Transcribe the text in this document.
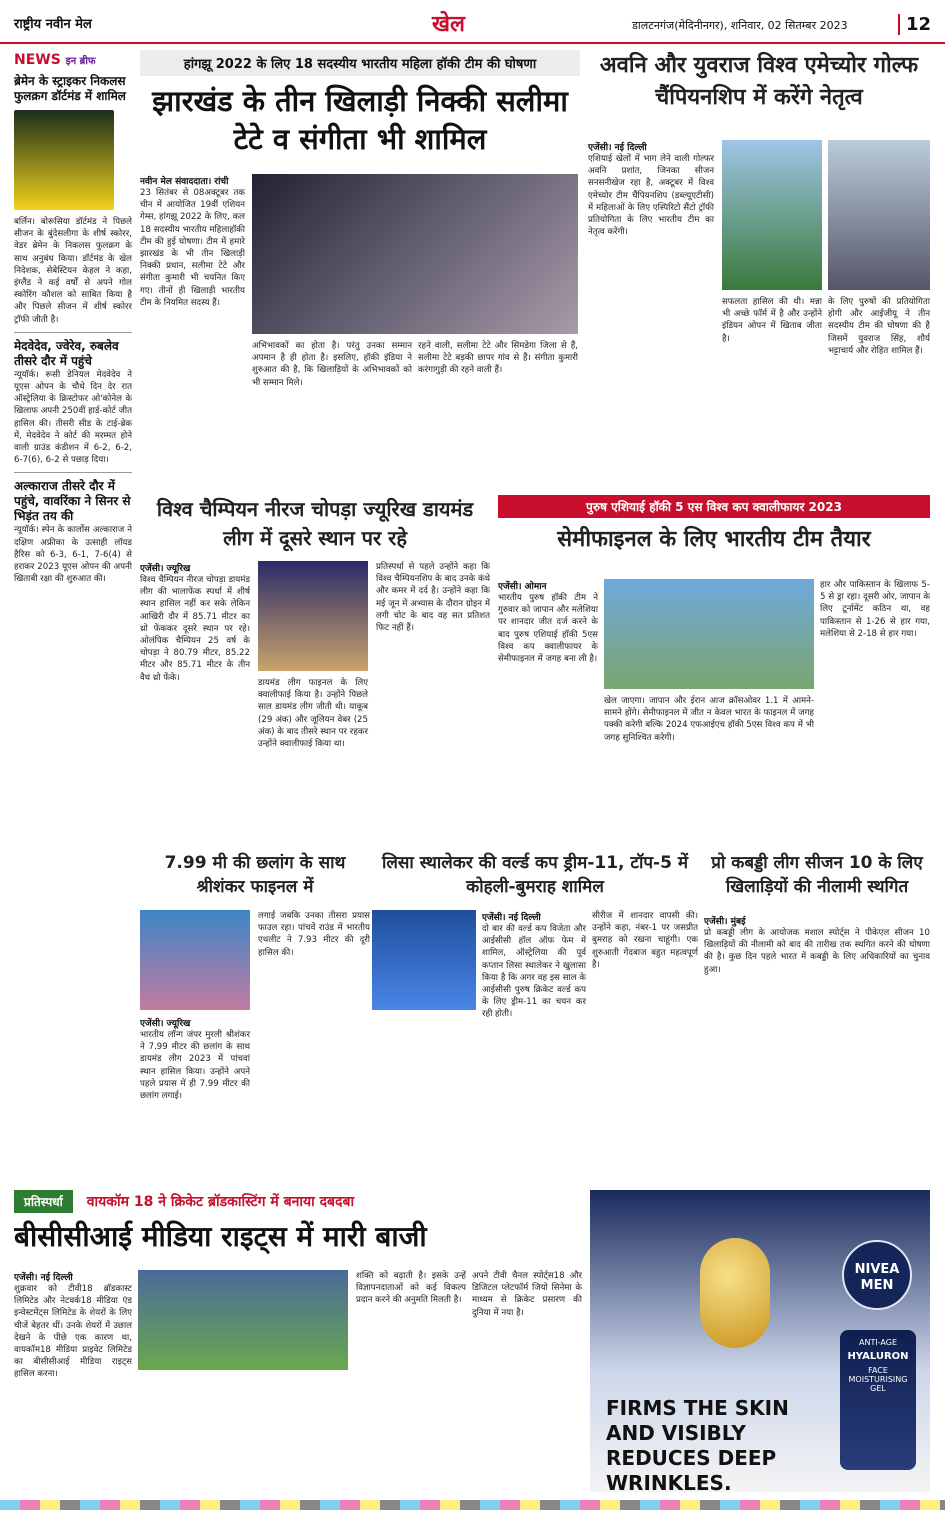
राष्ट्रीय नवीन मेल	खेल	डालटनगंज(मेदिनीनगर), शनिवार, 02 सितम्बर 2023	12
NEWS इन ब्रीफ
ब्रेमेन के स्ट्राइकर निकलस फुलक्रग डॉर्टमंड में शामिल

बर्लिन। बोरूसिया डॉर्टमंड ने पिछले सीजन के बुंदेसलीगा के शीर्ष स्कोरर, वेडर ब्रेमेन के निकलस फुलक्रग के साथ अनुबंध किया। डॉर्टमंड के खेल निदेशक, सेबेस्टियन केहल ने कहा, इंग्लैंड ने कई वर्षों से अपने गोल स्कोरिंग कौशल को साबित किया है और पिछले सीजन में शीर्ष स्कोरर ट्रॉफी जीती है।

मेदवेदेव, ज्वेरेव, रुबलेव तीसरे दौर में पहुंचे

न्यूयॉर्क। रूसी डेनियल मेदवेदेव ने यूएस ओपन के चौथे दिन देर रात ऑस्ट्रेलिया के क्रिस्टोफर ओ'कोनेल के खिलाफ अपनी 250वीं हार्ड-कोर्ट जीत हासिल की। तीसरी सीड के टाई-ब्रेक में, मेदवेदेव ने कोर्ट की मरम्मत होने वाली ग्राउंड कंडीशन में 6-2, 6-2, 6-7(6), 6-2 से पछाड़ दिया।

अल्काराज तीसरे दौर में पहुंचे, वावरिंका ने सिनर से भिड़ंत तय की

न्यूयॉर्क। स्पेन के कार्लोस अल्काराज ने दक्षिण अफ्रीका के उत्साही लॉयड हैरिस को 6-3, 6-1, 7-6(4) से हराकर 2023 यूएस ओपन की अपनी खिताबी रक्षा की शुरुआत की।

हांगझू 2022 के लिए 18 सदस्यीय भारतीय महिला हॉकी टीम की घोषणा
झारखंड के तीन खिलाड़ी निक्की सलीमा टेटे व संगीता भी शामिल
नवीन मेल संवाददाता। रांची

23 सितंबर से 08अक्टूबर तक चीन में आयोजित 19वीं एशियन गेम्स, हांगझू 2022 के लिए, कल 18 सदस्यीय भारतीय महिलाहॉकी टीम की हुई घोषणा। टीम में हमारे झारखंड के भी तीन खिलाड़ी निक्की प्रधान, सलीमा टेटे और संगीता कुमारी भी चयनित किए गए। तीनों ही खिलाड़ी भारतीय टीम के नियमित सदस्य हैं।

अभिभावकों का होता है। परंतु उनका सम्मान अपमान है ही होता है। इसलिए, हॉकी इंडिया ने शुरुआत की है, कि खिलाड़ियों के अभिभावकों को भी सम्मान मिले।

रहने वाली, सलीमा टेटे और सिमडेगा जिला से हैं, सलीमा टेटे बड़की छापर गांव से हैं। संगीता कुमारी करंगागुड़ी की रहने वाली हैं।

अवनि और युवराज विश्व एमेच्योर गोल्फ चैंपियनशिप में करेंगे नेतृत्व
एजेंसी। नई दिल्ली

एशियाई खेलों में भाग लेने वाली गोल्फर अवनि प्रशांत, जिनका सीजन सनसनीखेज रहा है, अक्टूबर में विश्व एमेच्योर टीम चैंपियनशिप (डब्ल्यूएटीसी) में महिलाओं के लिए एस्पिरिटो सैंटो ट्रॉफी प्रतियोगिता के लिए भारतीय टीम का नेतृत्व करेंगी।

सफलता हासिल की थी। मन्ना भी अच्छे फॉर्म में है और उन्होंने इंडियन ओपन में खिताब जीता है।

के लिए पुरुषों की प्रतियोगिता होगी और आईजीयू ने तीन सदस्यीय टीम की घोषणा की है जिसमें युवराज सिंह, शौर्य भट्टाचार्य और रोहित शामिल हैं।

विश्व चैम्पियन नीरज चोपड़ा ज्यूरिख डायमंड लीग में दूसरे स्थान पर रहे
एजेंसी। ज्यूरिख

विश्व चैम्पियन नीरज चोपड़ा डायमंड लीग की भालाफेंक स्पर्धा में शीर्ष स्थान हासिल नहीं कर सके लेकिन आखिरी दौर में 85.71 मीटर का थ्रो फेंककर दूसरे स्थान पर रहे। ओलंपिक चैम्पियन 25 वर्ष के चोपड़ा ने 80.79 मीटर, 85.22 मीटर और 85.71 मीटर के तीन वैध थ्रो फेंके।

डायमंड लीग फाइनल के लिए क्वालीफाई किया है। उन्होंने पिछले साल डायमंड लीग जीती थी। याकूब (29 अंक) और जूलियन वेबर (25 अंक) के बाद तीसरे स्थान पर रहकर उन्होंने क्वालीफाई किया था।

प्रतिस्पर्धा से पहले उन्होंने कहा कि विश्व चैम्पियनशिप के बाद उनके कंधे और कमर में दर्द है। उन्होंने कहा कि मई जून में अभ्यास के दौरान ग्रोइन में लगी चोट के बाद वह सत प्रतिशत फिट नहीं हैं।

पुरुष एशियाई हॉकी 5 एस विश्व कप क्वालीफायर 2023
सेमीफाइनल के लिए भारतीय टीम तैयार
एजेंसी। ओमान

भारतीय पुरुष हॉकी टीम ने गुरुवार को जापान और मलेशिया पर शानदार जीत दर्ज करने के बाद पुरुष एशियाई हॉकी 5एस विश्व कप क्वालीफायर के सेमीफाइनल में जगह बना ली है।

खेल जाएगा। जापान और ईरान आज क्रॉसओवर 1.1 में आमने-सामने होंगे। सेमीफाइनल में जीत न केवल भारत के फाइनल में जगह पक्की करेगी बल्कि 2024 एफआईएच हॉकी 5एस विश्व कप में भी जगह सुनिश्चित करेगी।

हार और पाकिस्तान के खिलाफ 5-5 से ड्रा रहा। दूसरी ओर, जापान के लिए टूर्नामेंट कठिन था, वह पाकिस्तान से 1-26 से हार गया, मलेशिया से 2-18 से हार गया।

7.99 मी की छलांग के साथ श्रीशंकर फाइनल में
एजेंसी। ज्यूरिख

भारतीय लॉन्ग जंपर मुरली श्रीशंकर ने 7.99 मीटर की छलांग के साथ डायमंड लीग 2023 में पांचवां स्थान हासिल किया। उन्होंने अपने पहले प्रयास में ही 7.99 मीटर की छलांग लगाई।

लगाई जबकि उनका तीसरा प्रयास फाउल रहा। पांचवें राउंड में भारतीय एथलीट ने 7.93 मीटर की दूरी हासिल की।

लिसा स्थालेकर की वर्ल्ड कप ड्रीम-11, टॉप-5 में कोहली-बुमराह शामिल
एजेंसी। नई दिल्ली

दो बार की वर्ल्ड कप विजेता और आईसीसी हॉल ऑफ फेम में शामिल, ऑस्ट्रेलिया की पूर्व कप्तान लिसा स्थालेकर ने खुलासा किया है कि अगर वह इस साल के आईसीसी पुरुष क्रिकेट वर्ल्ड कप के लिए ड्रीम-11 का चयन कर रही होती।

सीरीज में शानदार वापसी की। उन्होंने कहा, नंबर-1 पर जसप्रीत बुमराह को रखना चाहूंगी। एक शुरुआती गेंदबाज बहुत महत्वपूर्ण है।

प्रो कबड्डी लीग सीजन 10 के लिए खिलाड़ियों की नीलामी स्थगित
एजेंसी। मुंबई

प्रो कबड्डी लीग के आयोजक मशाल स्पोर्ट्स ने पीकेएल सीजन 10 खिलाड़ियों की नीलामी को बाद की तारीख तक स्थगित करने की घोषणा की है। कुछ दिन पहले भारत में कबड्डी के लिए अधिकारियों का चुनाव हुआ।

प्रतिस्पर्धा	वायकॉम 18 ने क्रिकेट ब्रॉडकास्टिंग में बनाया दबदबा
बीसीसीआई मीडिया राइट्स में मारी बाजी
एजेंसी। नई दिल्ली

शुक्रवार को टीवी18 ब्रॉडकास्ट लिमिटेड और नेटवर्क18 मीडिया एंड इन्वेस्टमेंट्स लिमिटेड के शेयरों के लिए चीजें बेहतर थीं। उनके शेयरों में उछाल देखने के पीछे एक कारण था, वायकॉम18 मीडिया प्राइवेट लिमिटेड का बीसीसीआई मीडिया राइट्स हासिल करना।

शक्ति को बढ़ाती है। इसके उन्हें विज्ञापनदाताओं को कई विकल्प प्रदान करने की अनुमति मिलती है।

अपने टीवी चैनल स्पोर्ट्स18 और डिजिटल प्लेटफॉर्म जियो सिनेमा के माध्यम से क्रिकेट प्रसारण की दुनिया में नया है।

NIVEA MEN
ANTI-AGE
HYALURON
FACE MOISTURISING GEL
FIRMS THE SKIN AND VISIBLY REDUCES DEEP WRINKLES.
